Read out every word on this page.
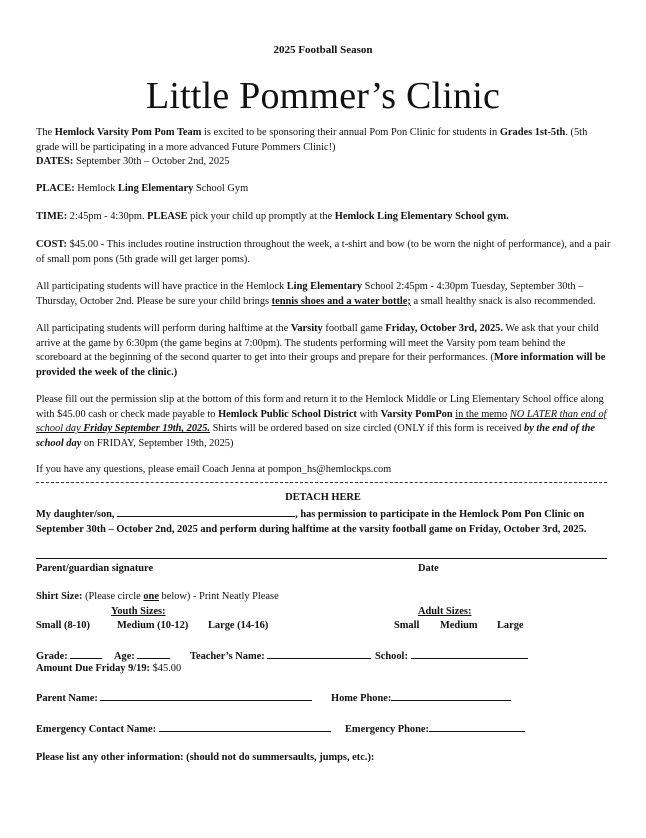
2025 Football Season
Little Pommer’s Clinic
The Hemlock Varsity Pom Pom Team is excited to be sponsoring their annual Pom Pon Clinic for students in Grades 1st-5th. (5th grade will be participating in a more advanced Future Pommers Clinic!)
DATES: September 30th – October 2nd, 2025
PLACE: Hemlock Ling Elementary School Gym
TIME: 2:45pm - 4:30pm. PLEASE pick your child up promptly at the Hemlock Ling Elementary School gym.
COST: $45.00 - This includes routine instruction throughout the week, a t-shirt and bow (to be worn the night of performance), and a pair of small pom pons (5th grade will get larger poms).
All participating students will have practice in the Hemlock Ling Elementary School 2:45pm - 4:30pm Tuesday, September 30th – Thursday, October 2nd. Please be sure your child brings tennis shoes and a water bottle; a small healthy snack is also recommended.
All participating students will perform during halftime at the Varsity football game Friday, October 3rd, 2025. We ask that your child arrive at the game by 6:30pm (the game begins at 7:00pm). The students performing will meet the Varsity pom team behind the scoreboard at the beginning of the second quarter to get into their groups and prepare for their performances. (More information will be provided the week of the clinic.)
Please fill out the permission slip at the bottom of this form and return it to the Hemlock Middle or Ling Elementary School office along with $45.00 cash or check made payable to Hemlock Public School District with Varsity PomPon in the memo NO LATER than end of school day Friday September 19th, 2025. Shirts will be ordered based on size circled (ONLY if this form is received by the end of the school day on FRIDAY, September 19th, 2025)
If you have any questions, please email Coach Jenna at pompon_hs@hemlockps.com
DETACH HERE
My daughter/son,	, has permission to participate in the Hemlock Pom Pon Clinic on September 30th – October 2nd, 2025 and perform during halftime at the varsity football game on Friday, October 3rd, 2025.
Parent/guardian signature	Date
Shirt Size: (Please circle one below) - Print Neatly Please
Youth Sizes:	Adult Sizes:
Small (8-10)	Medium (10-12) Large (14-16)	Small Medium Large
Grade:	Age:	Teacher’s Name:	School:
Amount Due Friday 9/19: $45.00
Parent Name:	Home Phone:
Emergency Contact Name:	Emergency Phone:
Please list any other information: (should not do summersaults, jumps, etc.):
